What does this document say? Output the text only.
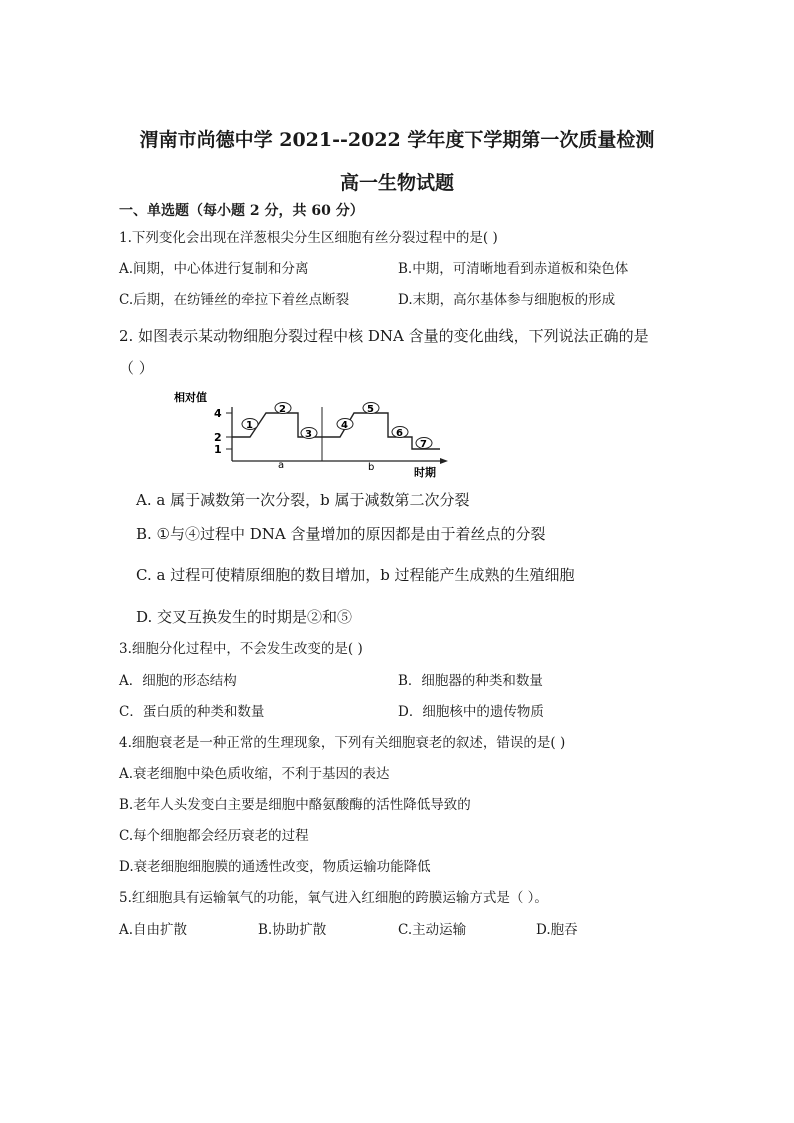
渭南市尚德中学 2021--2022 学年度下学期第一次质量检测
高一生物试题
一、单选题（每小题 2 分，共 60 分）
1.下列变化会出现在洋葱根尖分生区细胞有丝分裂过程中的是( )
A.间期，中心体进行复制和分离	B.中期，可清晰地看到赤道板和染色体
C.后期，在纺锤丝的牵拉下着丝点断裂	D.末期，高尔基体参与细胞板的形成
2. 如图表示某动物细胞分裂过程中核 DNA 含量的变化曲线，下列说法正确的是
（ ）
相对值
时期
4
2
1
a	b
1
2
3
4
5
6
7
A. a 属于减数第一次分裂，b 属于减数第二次分裂
B. ①与④过程中 DNA 含量增加的原因都是由于着丝点的分裂
C. a 过程可使精原细胞的数目增加，b 过程能产生成熟的生殖细胞
D. 交叉互换发生的时期是②和⑤
3.细胞分化过程中，不会发生改变的是( )
A．细胞的形态结构	B．细胞器的种类和数量
C．蛋白质的种类和数量	D．细胞核中的遗传物质
4.细胞衰老是一种正常的生理现象，下列有关细胞衰老的叙述，错误的是( )
A.衰老细胞中染色质收缩，不利于基因的表达
B.老年人头发变白主要是细胞中酪氨酸酶的活性降低导致的
C.每个细胞都会经历衰老的过程
D.衰老细胞细胞膜的通透性改变，物质运输功能降低
5.红细胞具有运输氧气的功能，氧气进入红细胞的跨膜运输方式是（ ）。
A.自由扩散	B.协助扩散	C.主动运输	D.胞吞
